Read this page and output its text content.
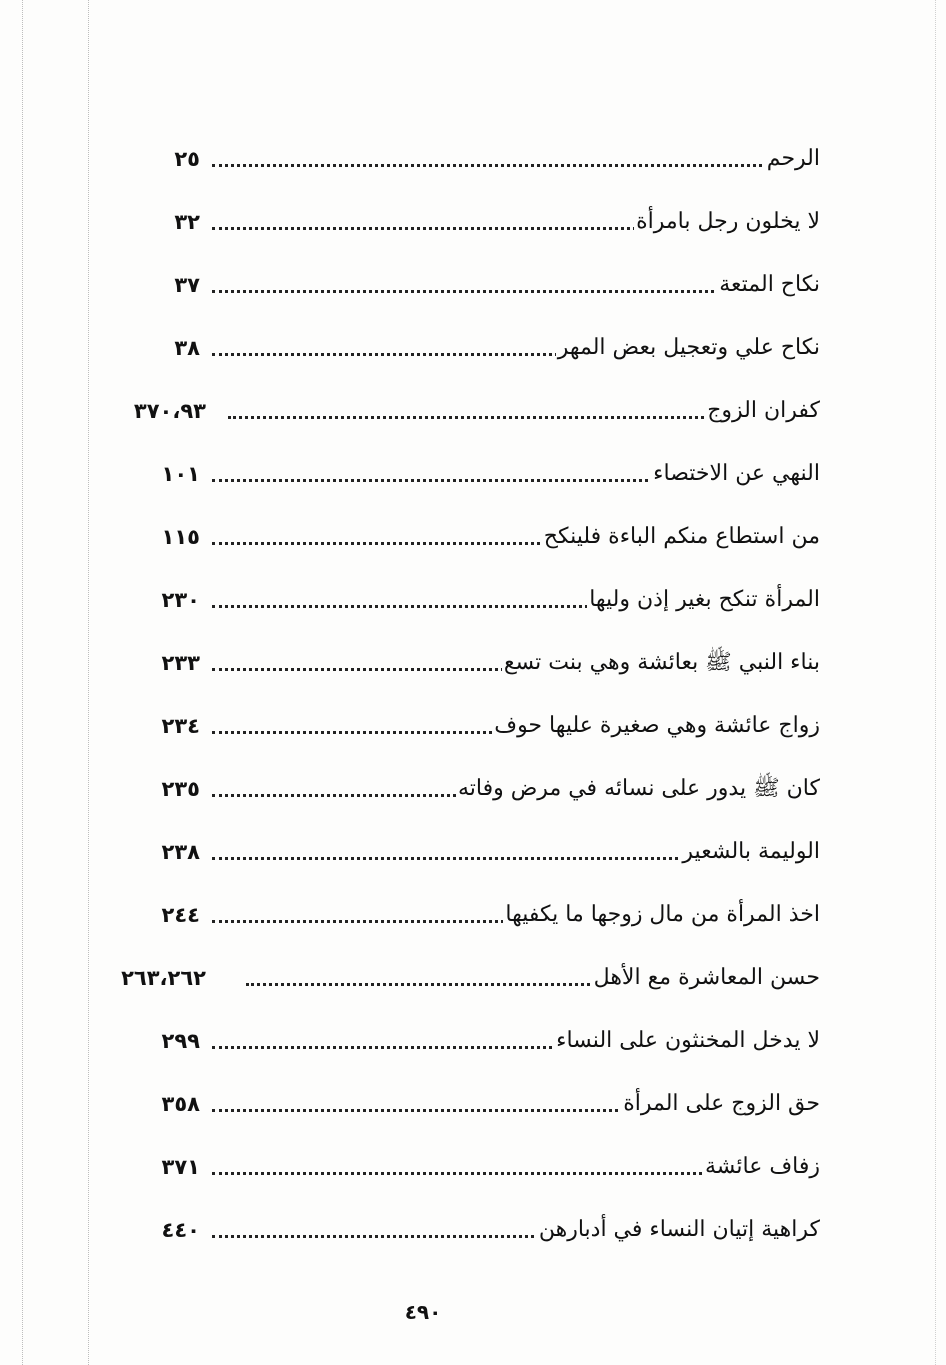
الرحم
٢٥
لا يخلون رجل بامرأة
٣٢
نكاح المتعة
٣٧
نكاح علي وتعجيل بعض المهر
٣٨
كفران الزوج
٣٧٠،٩٣
النهي عن الاختصاء
١٠١
من استطاع منكم الباءة فلينكح
١١٥
المرأة تنكح بغير إذن وليها
٢٣٠
بناء النبي ﷺ بعائشة وهي بنت تسع
٢٣٣
زواج عائشة وهي صغيرة عليها حوف
٢٣٤
كان ﷺ يدور على نسائه في مرض وفاته
٢٣٥
الوليمة بالشعير
٢٣٨
اخذ المرأة من مال زوجها ما يكفيها
٢٤٤
حسن المعاشرة مع الأهل
٢٦٣،٢٦٢
لا يدخل المخنثون على النساء
٢٩٩
حق الزوج على المرأة
٣٥٨
زفاف عائشة
٣٧١
كراهية إتيان النساء في أدبارهن
٤٤٠
٤٩٠
